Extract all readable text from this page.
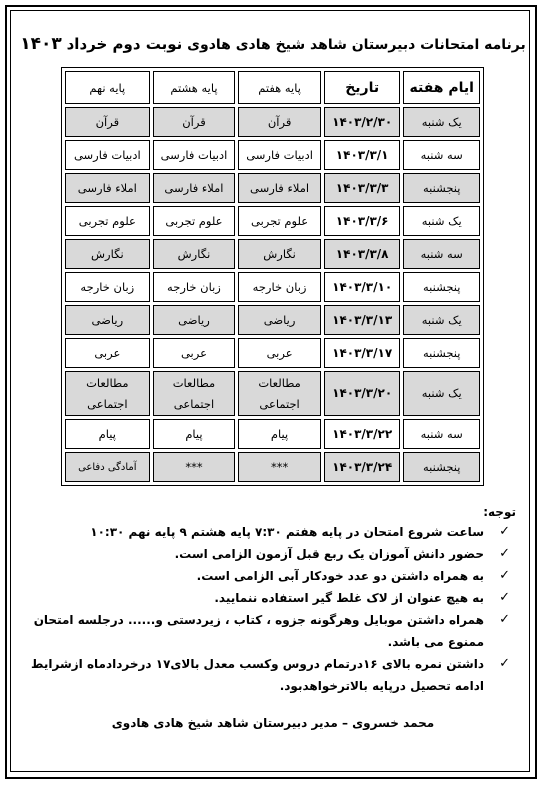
برنامه امتحانات دبیرستان شاهد شیخ هادی هادوی نوبت دوم خرداد ۱۴۰۳
ایام هفته	تاریخ	پایه هفتم	پایه هشتم	پایه نهم
یک شنبه	۱۴۰۳/۲/۳۰	قرآن	قرآن	قرآن
سه شنبه	۱۴۰۳/۳/۱	ادبیات فارسی	ادبیات فارسی	ادبیات فارسی
پنجشنبه	۱۴۰۳/۳/۳	املاء فارسی	املاء فارسی	املاء فارسی
یک شنبه	۱۴۰۳/۳/۶	علوم تجربی	علوم تجربی	علوم تجربی
سه شنبه	۱۴۰۳/۳/۸	نگارش	نگارش	نگارش
پنجشنبه	۱۴۰۳/۳/۱۰	زبان خارجه	زبان خارجه	زبان خارجه
یک شنبه	۱۴۰۳/۳/۱۳	ریاضی	ریاضی	ریاضی
پنجشنبه	۱۴۰۳/۳/۱۷	عربی	عربی	عربی
یک شنبه	۱۴۰۳/۳/۲۰	مطالعات اجتماعی	مطالعات اجتماعی	مطالعات اجتماعی
سه شنبه	۱۴۰۳/۳/۲۲	پیام	پیام	پیام
پنجشنبه	۱۴۰۳/۳/۲۴	***	***	آمادگی دفاعی
توجه:
✓
ساعت شروع امتحان در پایه هفتم ۷:۳۰ پایه هشتم ۹ پایه نهم ۱۰:۳۰
✓
حضور دانش آموزان یک ربع قبل آزمون الزامی است.
✓
به همراه داشتن دو عدد خودکار آبی الزامی است.
✓
به هیچ عنوان از لاک غلط گیر استفاده ننمایید.
✓
همراه داشتن موبایل وهرگونه جزوه ، کتاب ، زیردستی و...... درجلسه امتحان ممنوع می باشد.
✓
داشتن نمره بالای ۱۶درتمام دروس وکسب معدل بالای۱۷ درخردادماه ازشرایط ادامه تحصیل درپایه بالاترخواهدبود.
محمد خسروی – مدیر دبیرستان شاهد شیخ هادی هادوی
